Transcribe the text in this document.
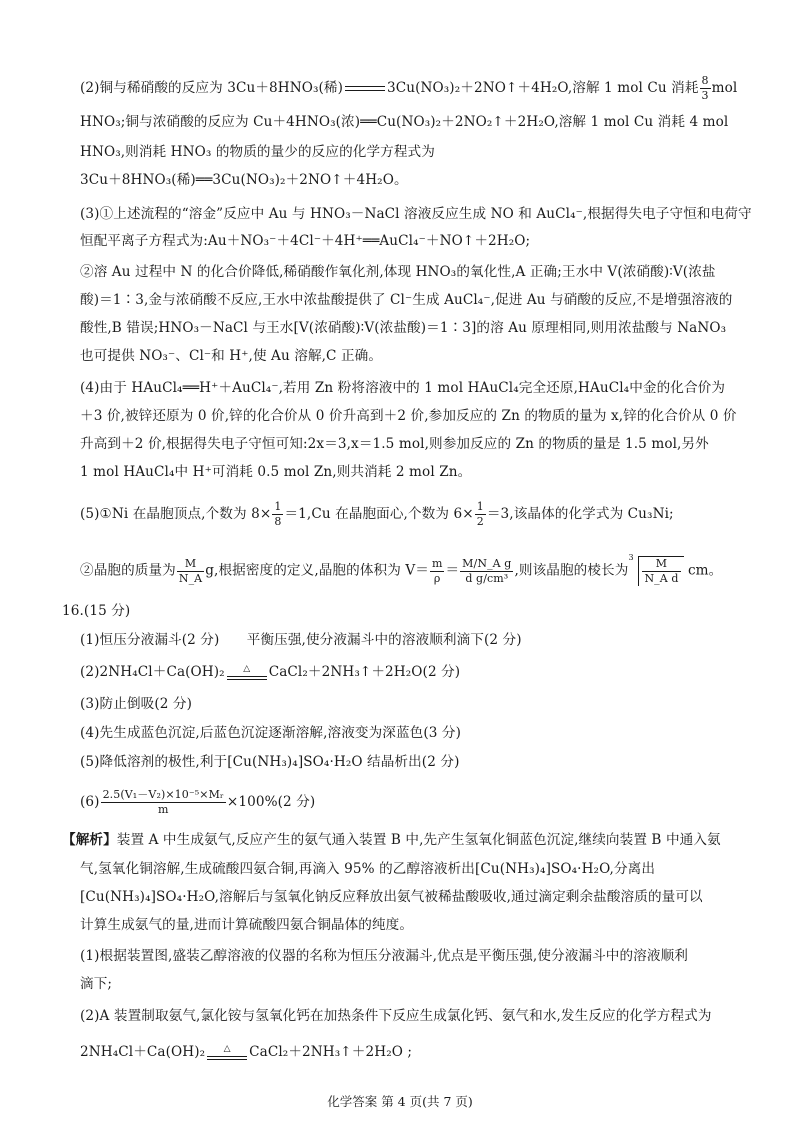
(2)铜与稀硝酸的反应为 3Cu＋8HNO₃(稀)	3Cu(NO₃)₂＋2NO↑＋4H₂O,溶解 1 mol Cu 消耗 $\frac{8}{3}$ mol
HNO₃;铜与浓硝酸的反应为 Cu＋4HNO₃(浓)══Cu(NO₃)₂＋2NO₂↑＋2H₂O,溶解 1 mol Cu 消耗 4 mol
HNO₃,则消耗 HNO₃ 的物质的量少的反应的化学方程式为
3Cu＋8HNO₃(稀)══3Cu(NO₃)₂＋2NO↑＋4H₂O。
(3)①上述流程的“溶金”反应中 Au 与 HNO₃－NaCl 溶液反应生成 NO 和 AuCl₄⁻,根据得失电子守恒和电荷守
恒配平离子方程式为:Au＋NO₃⁻＋4Cl⁻＋4H⁺══AuCl₄⁻＋NO↑＋2H₂O;
②溶 Au 过程中 N 的化合价降低,稀硝酸作氧化剂,体现 HNO₃的氧化性,A 正确;王水中 V(浓硝酸)∶V(浓盐
酸)＝1∶3,金与浓硝酸不反应,王水中浓盐酸提供了 Cl⁻生成 AuCl₄⁻,促进 Au 与硝酸的反应,不是增强溶液的
酸性,B 错误;HNO₃－NaCl 与王水[V(浓硝酸)∶V(浓盐酸)＝1∶3]的溶 Au 原理相同,则用浓盐酸与 NaNO₃
也可提供 NO₃⁻、Cl⁻和 H⁺,使 Au 溶解,C 正确。
(4)由于 HAuCl₄══H⁺＋AuCl₄⁻,若用 Zn 粉将溶液中的 1 mol HAuCl₄完全还原,HAuCl₄中金的化合价为
＋3 价,被锌还原为 0 价,锌的化合价从 0 价升高到＋2 价,参加反应的 Zn 的物质的量为 x,锌的化合价从 0 价
升高到＋2 价,根据得失电子守恒可知:2x＝3,x＝1.5 mol,则参加反应的 Zn 的物质的量是 1.5 mol,另外
1 mol HAuCl₄中 H⁺可消耗 0.5 mol Zn,则共消耗 2 mol Zn。
(5)①Ni 在晶胞顶点,个数为 $8\times \frac{1}{8} =1,Cu$ 在晶胞面心,个数为 $6\times \frac{1}{2} =3$,该晶体的化学式为 Cu₃Ni;
②晶胞的质量为 $\frac{M}{N\_A} g$,根据密度的定义,晶胞的体积为 $V= \frac{m}{\rho} = \frac{\text{M/N\_A g}}{\text{d g/cm³}}$ ,则该晶胞的棱长为
$3 \frac{M}{\text{N\_A d}}$ cm。
16.(15 分)
(1)恒压分液漏斗(2 分)　　平衡压强,使分液漏斗中的溶液顺利滴下(2 分)
(2)2NH₄Cl＋Ca(OH)₂ △ CaCl₂＋2NH₃↑＋2H₂O(2 分)
(3)防止倒吸(2 分)
(4)先生成蓝色沉淀,后蓝色沉淀逐渐溶解,溶液变为深蓝色(3 分)
(5)降低溶剂的极性,利于[Cu(NH₃)₄]SO₄·H₂O 结晶析出(2 分)
$(6) \frac{\text{2.5(V₁－V₂)×10⁻⁵×Mᵣ}}{m} \times 100\%(2$ 分)
【解析】装置 A 中生成氨气,反应产生的氨气通入装置 B 中,先产生氢氧化铜蓝色沉淀,继续向装置 B 中通入氨
气,氢氧化铜溶解,生成硫酸四氨合铜,再滴入 95% 的乙醇溶液析出[Cu(NH₃)₄]SO₄·H₂O,分离出
[Cu(NH₃)₄]SO₄·H₂O,溶解后与氢氧化钠反应释放出氨气被稀盐酸吸收,通过滴定剩余盐酸溶质的量可以
计算生成氨气的量,进而计算硫酸四氨合铜晶体的纯度。
(1)根据装置图,盛装乙醇溶液的仪器的名称为恒压分液漏斗,优点是平衡压强,使分液漏斗中的溶液顺利
滴下;
(2)A 装置制取氨气,氯化铵与氢氧化钙在加热条件下反应生成氯化钙、氨气和水,发生反应的化学方程式为
2NH₄Cl＋Ca(OH)₂ △ CaCl₂＋2NH₃↑＋2H₂O ;
化学答案 第 4 页(共 7 页)
